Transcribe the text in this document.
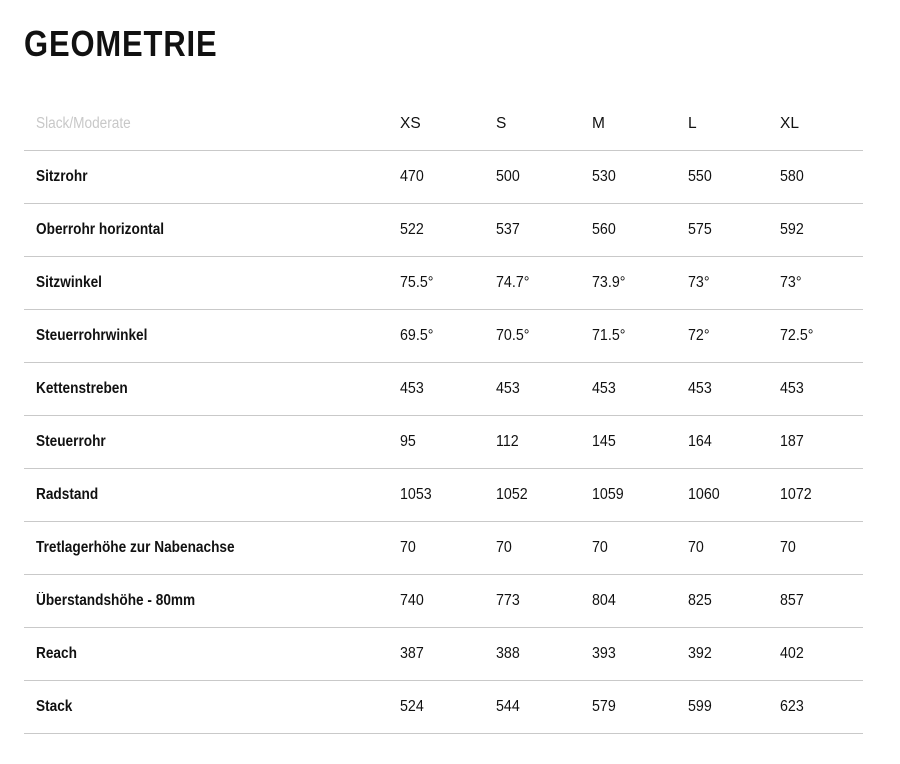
GEOMETRIE
Slack/Moderate	XS	S	M	L	XL
Sitzrohr	470	500	530	550	580
Oberrohr horizontal	522	537	560	575	592
Sitzwinkel	75.5°	74.7°	73.9°	73°	73°
Steuerrohrwinkel	69.5°	70.5°	71.5°	72°	72.5°
Kettenstreben	453	453	453	453	453
Steuerrohr	95	112	145	164	187
Radstand	1053	1052	1059	1060	1072
Tretlagerhöhe zur Nabenachse	70	70	70	70	70
Überstandshöhe - 80mm	740	773	804	825	857
Reach	387	388	393	392	402
Stack	524	544	579	599	623
